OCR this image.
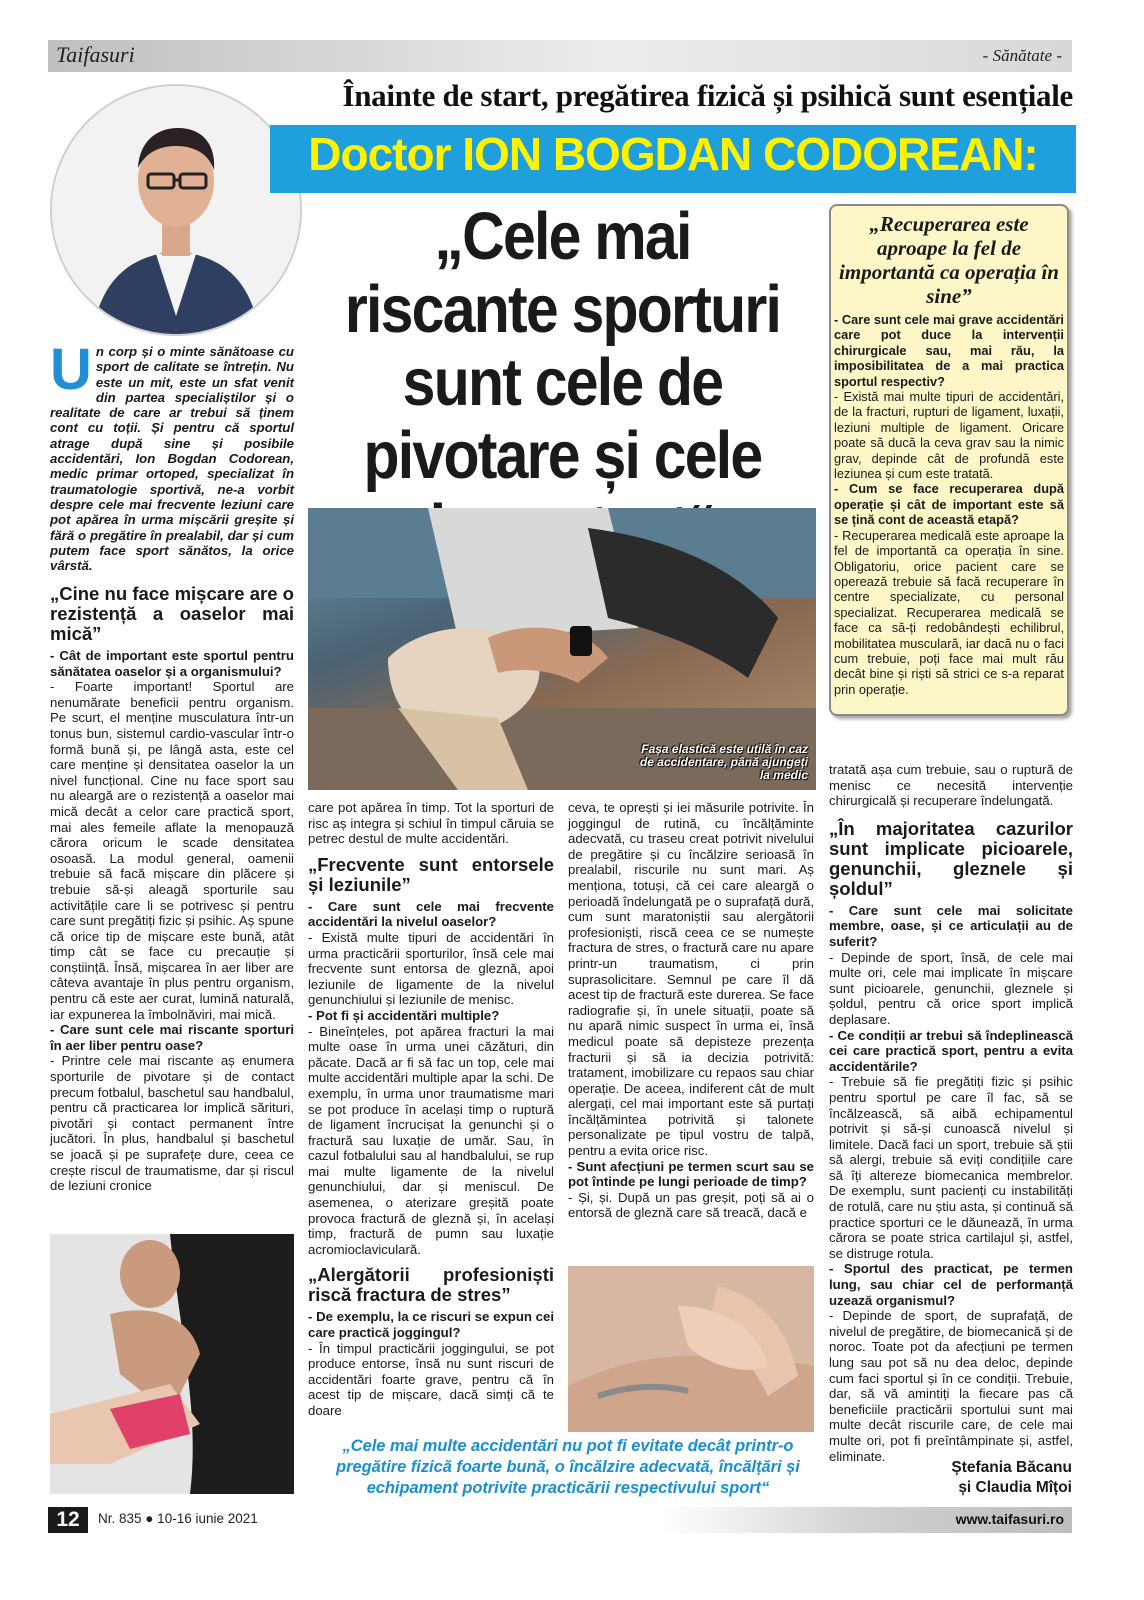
Taifasuri	- Sănătate -
Înainte de start, pregătirea fizică și psihică sunt esențiale
Doctor ION BOGDAN CODOREAN:
„Cele mai riscante sporturi sunt cele de pivotare și cele
Un corp și o minte sănătoase cu sport de calitate se întrețin. Nu este un mit, este un sfat venit din partea specialiștilor și o realitate de care ar trebui să ținem cont cu toții. Și pentru că sportul atrage după sine și posibile accidentări, Ion Bogdan Codorean, medic primar ortoped, specializat în traumatologie sportivă, ne-a vorbit despre cele mai frecvente leziuni care pot apărea în urma mișcării greșite și fără o pregătire în prealabil, dar și cum putem face sport sănătos, la orice vârstă.
„Cine nu face mișcare are o rezistență a oaselor mai mică”

- Cât de important este sportul pentru sănătatea oaselor și a organismului?

- Foarte important! Sportul are nenumărate beneficii pentru organism. Pe scurt, el menține musculatura într-un tonus bun, sistemul cardio-vascular într-o formă bună și, pe lângă asta, este cel care menține și densitatea oaselor la un nivel funcțional. Cine nu face sport sau nu aleargă are o rezistență a oaselor mai mică decât a celor care practică sport, mai ales femeile aflate la menopauză cărora oricum le scade densitatea osoasă. La modul general, oamenii trebuie să facă mișcare din plăcere și trebuie să-și aleagă sporturile sau activitățile care li se potrivesc și pentru care sunt pregătiți fizic și psihic. Aș spune că orice tip de mișcare este bună, atât timp cât se face cu precauție și conștiință. Însă, mișcarea în aer liber are câteva avantaje în plus pentru organism, pentru că este aer curat, lumină naturală, iar expunerea la îmbolnăviri, mai mică.

- Care sunt cele mai riscante sporturi în aer liber pentru oase?

- Printre cele mai riscante aș enumera sporturile de pivotare și de contact precum fotbalul, baschetul sau handbalul, pentru că practicarea lor implică sărituri, pivotări și contact permanent între jucători. În plus, handbalul și baschetul se joacă și pe suprafețe dure, ceea ce crește riscul de traumatisme, dar și riscul de leziuni cronice

Fașa elastică este utilă în caz de accidentare, până ajungeți la medic

care pot apărea în timp. Tot la sporturi de risc aș integra și schiul în timpul căruia se petrec destul de multe accidentări.

„Frecvente sunt entorsele și leziunile”

- Care sunt cele mai frecvente accidentări la nivelul oaselor?

- Există multe tipuri de accidentări în urma practicării sporturilor, însă cele mai frecvente sunt entorsa de gleznă, apoi leziunile de ligamente de la nivelul genunchiului și leziunile de menisc.

- Pot fi și accidentări multiple?

- Bineînțeles, pot apărea fracturi la mai multe oase în urma unei căzături, din păcate. Dacă ar fi să fac un top, cele mai multe accidentări multiple apar la schi. De exemplu, în urma unor traumatisme mari se pot produce în același timp o ruptură de ligament încrucișat la genunchi și o fractură sau luxație de umăr. Sau, în cazul fotbalului sau al handbalului, se rup mai multe ligamente de la nivelul genunchiului, dar și meniscul. De asemenea, o aterizare greșită poate provoca fractură de gleznă și, în același timp, fractură de pumn sau luxație acromioclaviculară.

„Alergătorii profesioniști riscă fractura de stres”

- De exemplu, la ce riscuri se expun cei care practică joggingul?

- În timpul practicării joggingului, se pot produce entorse, însă nu sunt riscuri de accidentări foarte grave, pentru că în acest tip de mișcare, dacă simți că te doare

ceva, te oprești și iei măsurile potrivite. În joggingul de rutină, cu încălțăminte adecvată, cu traseu creat potrivit nivelului de pregătire și cu încălzire serioasă în prealabil, riscurile nu sunt mari. Aș menționa, totuși, că cei care aleargă o perioadă îndelungată pe o suprafață dură, cum sunt maratoniștii sau alergătorii profesioniști, riscă ceea ce se numește fractura de stres, o fractură care nu apare printr-un traumatism, ci prin suprasolicitare. Semnul pe care îl dă acest tip de fractură este durerea. Se face radiografie și, în unele situații, poate să nu apară nimic suspect în urma ei, însă medicul poate să depisteze prezența fracturii și să ia decizia potrivită: tratament, imobilizare cu repaos sau chiar operație. De aceea, indiferent cât de mult alergați, cel mai important este să purtați încălțămintea potrivită și talonete personalizate pe tipul vostru de talpă, pentru a evita orice risc.

- Sunt afecțiuni pe termen scurt sau se pot întinde pe lungi perioade de timp?

- Și, și. După un pas greșit, poți să ai o entorsă de gleznă care să treacă, dacă e

„Recuperarea este aproape la fel de importantă ca operația în sine”

- Care sunt cele mai grave accidentări care pot duce la intervenții chirurgicale sau, mai rău, la imposibilitatea de a mai practica sportul respectiv?

- Există mai multe tipuri de accidentări, de la fracturi, rupturi de ligament, luxații, leziuni multiple de ligament. Oricare poate să ducă la ceva grav sau la nimic grav, depinde cât de profundă este leziunea și cum este tratată.

- Cum se face recuperarea după operație și cât de important este să se țină cont de această etapă?

- Recuperarea medicală este aproape la fel de importantă ca operația în sine. Obligatoriu, orice pacient care se operează trebuie să facă recuperare în centre specializate, cu personal specializat. Recuperarea medicală se face ca să-ți redobândești echilibrul, mobilitatea musculară, iar dacă nu o faci cum trebuie, poți face mai mult rău decât bine și riști să strici ce s-a reparat prin operație.

tratată așa cum trebuie, sau o ruptură de menisc ce necesită intervenție chirurgicală și recuperare îndelungată.

„În majoritatea cazurilor sunt implicate picioarele, genunchii, gleznele și șoldul”

- Care sunt cele mai solicitate membre, oase, și ce articulații au de suferit?

- Depinde de sport, însă, de cele mai multe ori, cele mai implicate în mișcare sunt picioarele, genunchii, gleznele și șoldul, pentru că orice sport implică deplasare.

- Ce condiții ar trebui să îndeplinească cei care practică sport, pentru a evita accidentările?

- Trebuie să fie pregătiți fizic și psihic pentru sportul pe care îl fac, să se încălzească, să aibă echipamentul potrivit și să-și cunoască nivelul și limitele. Dacă faci un sport, trebuie să știi să alergi, trebuie să eviți condițiile care să îți altereze biomecanica membrelor. De exemplu, sunt pacienți cu instabilități de rotulă, care nu știu asta, și continuă să practice sporturi ce le dăunează, în urma cărora se poate strica cartilajul și, astfel, se distruge rotula.

- Sportul des practicat, pe termen lung, sau chiar cel de performanță uzează organismul?

- Depinde de sport, de suprafață, de nivelul de pregătire, de biomecanică și de noroc. Toate pot da afecțiuni pe termen lung sau pot să nu dea deloc, depinde cum faci sportul și în ce condiții. Trebuie, dar, să vă amintiți la fiecare pas că beneficiile practicării sportului sunt mai multe decât riscurile care, de cele mai multe ori, pot fi preîntâmpinate și, astfel, eliminate.

„Cele mai multe accidentări nu pot fi evitate decât printr-o pregătire fizică foarte bună, o încălzire adecvată, încălțări și echipament potrivite practicării respectivului sport“
Ștefania Băcanu
și Claudia Mîțoi
12	Nr. 835 ● 10-16 iunie 2021	www.taifasuri.ro
